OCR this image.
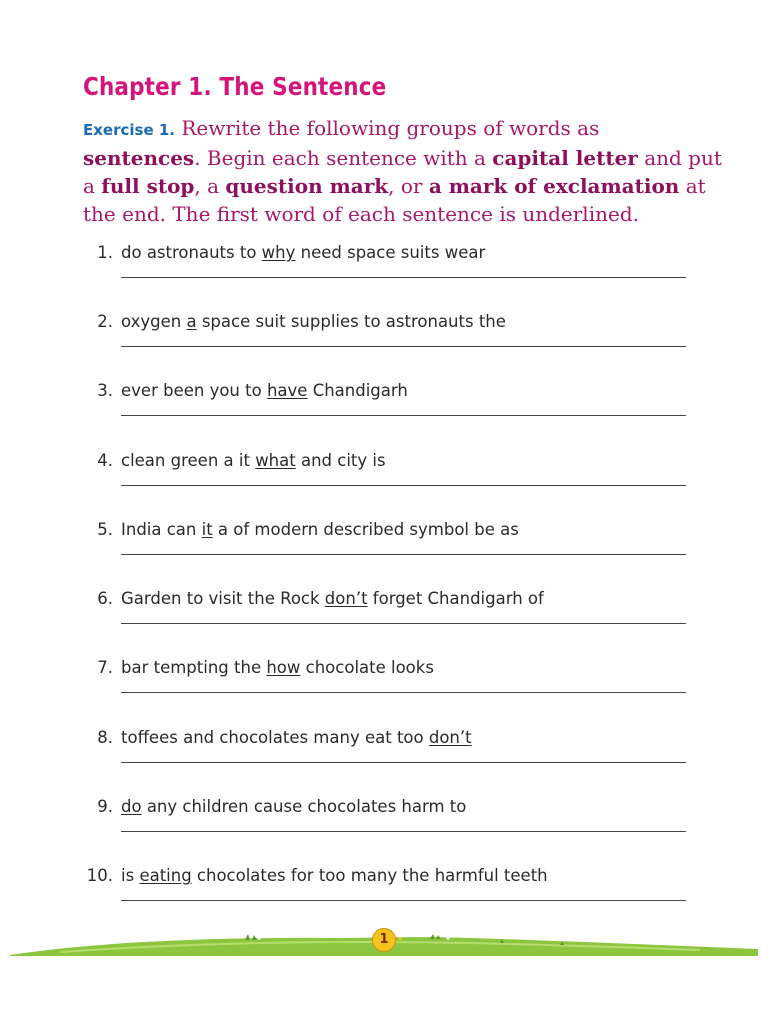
Chapter 1. The Sentence

Exercise 1. Rewrite the following groups of words as sentences. Begin each sentence with a capital letter and put a full stop, a question mark, or a mark of exclamation at the end. The first word of each sentence is underlined.

1. do astronauts to why need space suits wear
2. oxygen a space suit supplies to astronauts the
3. ever been you to have Chandigarh
4. clean green a it what and city is
5. India can it a of modern described symbol be as
6. Garden to visit the Rock don’t forget Chandigarh of
7. bar tempting the how chocolate looks
8. toffees and chocolates many eat too don’t
9. do any children cause chocolates harm to
10. is eating chocolates for too many the harmful teeth
1
